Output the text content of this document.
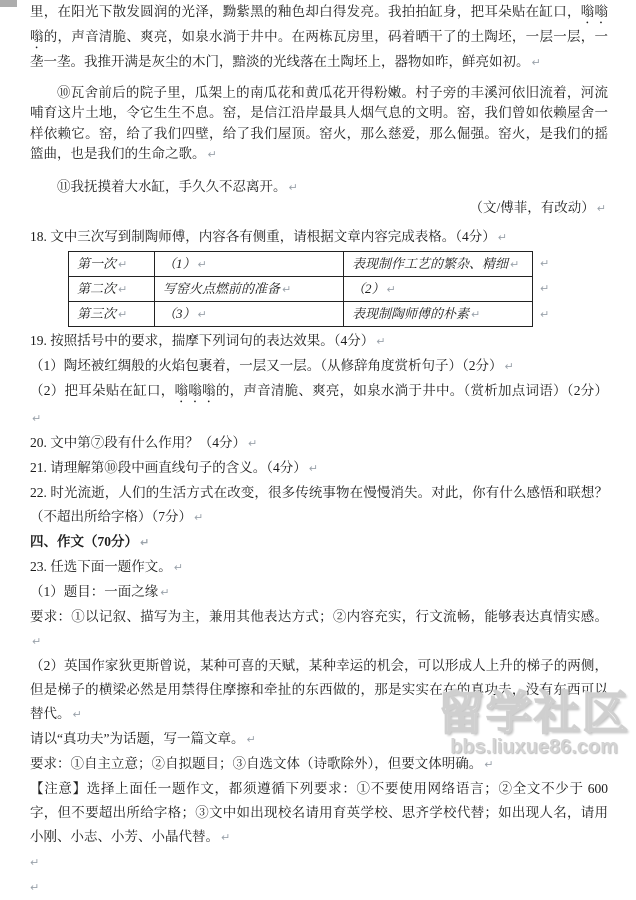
里，在阳光下散发圆润的光泽，黝紫黑的釉色却白得发亮。我拍拍缸身，把耳朵贴在缸口，嗡嗡嗡的，声音清脆、爽亮，如泉水淌于井中。在两栋瓦房里，码着晒干了的土陶坯，一层一层，一垄一垄。我推开满是灰尘的木门，黯淡的光线落在土陶坯上，器物如昨，鲜亮如初。 ↵

⑩瓦舍前后的院子里，瓜架上的南瓜花和黄瓜花开得粉嫩。村子旁的丰溪河依旧流着，河流哺育这片土地，令它生生不息。窑，是信江沿岸最具人烟气息的文明。窑，我们曾如依赖屋舍一样依赖它。窑，给了我们四壁，给了我们屋顶。窑火，那么慈爱，那么倔强。窑火，是我们的摇篮曲，也是我们的生命之歌。 ↵

⑪我抚摸着大水缸，手久久不忍离开。 ↵

（文/傅菲，有改动） ↵

18. 文中三次写到制陶师傅，内容各有侧重，请根据文章内容完成表格。（4分） ↵

第一次 ↵	（1） ↵	表现制作工艺的繁杂、精细 ↵
第二次 ↵	写窑火点燃前的准备 ↵	（2） ↵
第三次 ↵	（3） ↵	表现制陶师傅的朴素 ↵
↵
↵
↵

19. 按照括号中的要求，揣摩下列词句的表达效果。（4分） ↵

（1）陶坯被红绸般的火焰包裹着，一层又一层。（从修辞角度赏析句子）（2分） ↵

（2）把耳朵贴在缸口，嗡嗡嗡的，声音清脆、爽亮，如泉水淌于井中。（赏析加点词语）（2分）↵

20. 文中第⑦段有什么作用？（4分） ↵

21. 请理解第⑩段中画直线句子的含义。（4分） ↵

22. 时光流逝，人们的生活方式在改变，很多传统事物在慢慢消失。对此，你有什么感悟和联想？（不超出所给字格）（7分） ↵

四、作文（70分） ↵

23. 任选下面一题作文。 ↵

（1）题目：一面之缘 ↵

要求：①以记叙、描写为主，兼用其他表达方式；②内容充实，行文流畅，能够表达真情实感。↵

（2）英国作家狄更斯曾说，某种可喜的天赋，某种幸运的机会，可以形成人上升的梯子的两侧，但是梯子的横梁必然是用禁得住摩擦和牵扯的东西做的，那是实实在在的真功夫，没有东西可以替代。 ↵

请以“真功夫”为话题，写一篇文章。 ↵

要求：①自主立意；②自拟题目；③自选文体（诗歌除外），但要文体明确。 ↵

【注意】选择上面任一题作文，都须遵循下列要求：①不要使用网络语言；②全文不少于 600 字，但不要超出所给字格；③文中如出现校名请用育英学校、思齐学校代替；如出现人名，请用小刚、小志、小芳、小晶代替。 ↵

↵

↵

留学社区
bbs.liuxue86.com
